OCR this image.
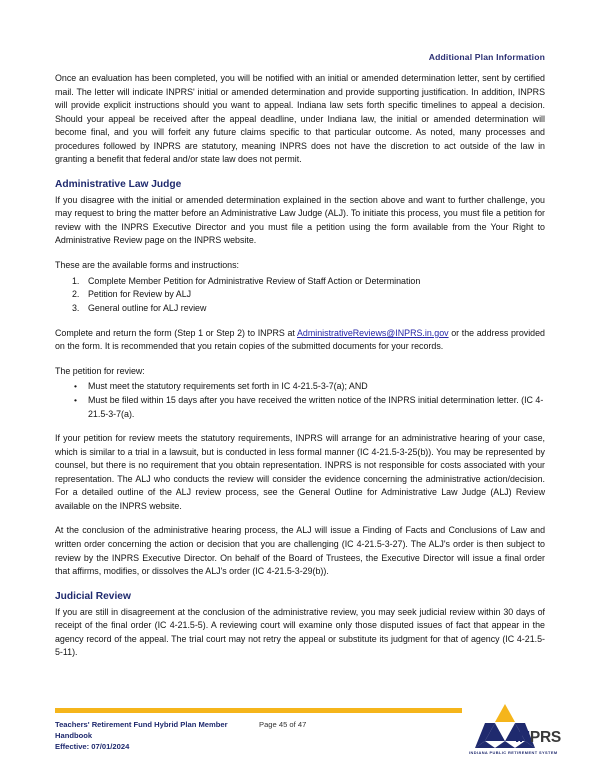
Additional Plan Information

Once an evaluation has been completed, you will be notified with an initial or amended determination letter, sent by certified mail. The letter will indicate INPRS' initial or amended determination and provide supporting justification. In addition, INPRS will provide explicit instructions should you want to appeal. Indiana law sets forth specific timelines to appeal a decision. Should your appeal be received after the appeal deadline, under Indiana law, the initial or amended determination will become final, and you will forfeit any future claims specific to that particular outcome. As noted, many processes and procedures followed by INPRS are statutory, meaning INPRS does not have the discretion to act outside of the law in granting a benefit that federal and/or state law does not permit.

Administrative Law Judge

If you disagree with the initial or amended determination explained in the section above and want to further challenge, you may request to bring the matter before an Administrative Law Judge (ALJ). To initiate this process, you must file a petition for review with the INPRS Executive Director and you must file a petition using the form available from the Your Right to Administrative Review page on the INPRS website.

These are the available forms and instructions:

1. Complete Member Petition for Administrative Review of Staff Action or Determination
2. Petition for Review by ALJ
3. General outline for ALJ review

Complete and return the form (Step 1 or Step 2) to INPRS at AdministrativeReviews@INPRS.in.gov or the address provided on the form. It is recommended that you retain copies of the submitted documents for your records.

The petition for review:

• Must meet the statutory requirements set forth in IC 4-21.5-3-7(a); AND
• Must be filed within 15 days after you have received the written notice of the INPRS initial determination letter. (IC 4-21.5-3-7(a).

If your petition for review meets the statutory requirements, INPRS will arrange for an administrative hearing of your case, which is similar to a trial in a lawsuit, but is conducted in less formal manner (IC 4-21.5-3-25(b)). You may be represented by counsel, but there is no requirement that you obtain representation. INPRS is not responsible for costs associated with your representation. The ALJ who conducts the review will consider the evidence concerning the administrative action/decision. For a detailed outline of the ALJ review process, see the General Outline for Administrative Law Judge (ALJ) Review available on the INPRS website.

At the conclusion of the administrative hearing process, the ALJ will issue a Finding of Facts and Conclusions of Law and written order concerning the action or decision that you are challenging (IC 4-21.5-3-27). The ALJ's order is then subject to review by the INPRS Executive Director. On behalf of the Board of Trustees, the Executive Director will issue a final order that affirms, modifies, or dissolves the ALJ's order (IC 4-21.5-3-29(b)).

Judicial Review

If you are still in disagreement at the conclusion of the administrative review, you may seek judicial review within 30 days of receipt of the final order (IC 4-21.5-5). A reviewing court will examine only those disputed issues of fact that appear in the agency record of the appeal. The trial court may not retry the appeal or substitute its judgment for that of agency (IC 4-21.5-5-11).

Teachers' Retirement Fund Hybrid Plan Member	Page 45 of 47
Handbook
Effective: 07/01/2024
INPRS
INDIANA PUBLIC RETIREMENT SYSTEM
